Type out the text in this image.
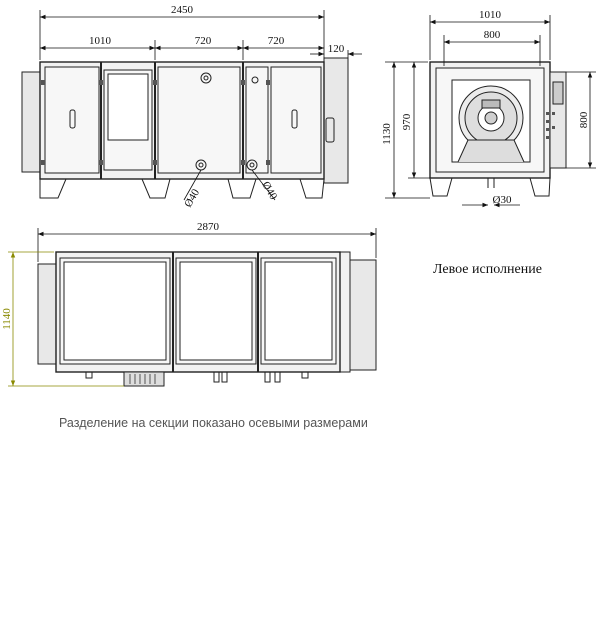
2450
1010	720	720
120
Ø40	Ø40
1010
800
1130
970	800
Ø30
2870
1140
Левое исполнение
Разделение на секции показано осевыми размерами
